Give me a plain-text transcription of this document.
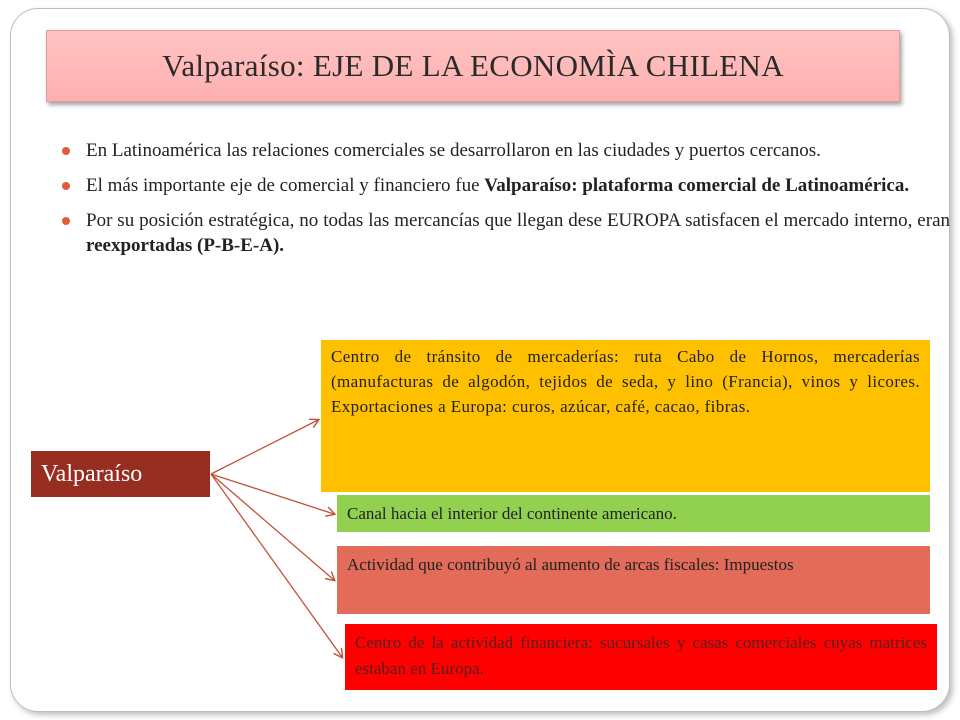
Valparaíso: EJE DE LA ECONOMÌA CHILENA
En Latinoamérica las relaciones comerciales se desarrollaron en las ciudades y puertos cercanos.
El más importante eje de comercial y financiero fue Valparaíso: plataforma comercial de Latinoamérica.
Por su posición estratégica, no todas las mercancías que llegan dese EUROPA satisfacen el mercado interno, eran reexportadas (P-B-E-A).
Valparaíso
Centro de tránsito de mercaderías: ruta Cabo de Hornos, mercaderías (manufacturas de algodón, tejidos de seda, y lino (Francia), vinos y licores. Exportaciones a Europa: curos, azúcar, café, cacao, fibras.
Canal hacia el interior del continente americano.
Actividad que contribuyó al aumento de arcas fiscales: Impuestos
Centro de la actividad financiera: sucursales y casas comerciales cuyas matrices estaban en Europa.
